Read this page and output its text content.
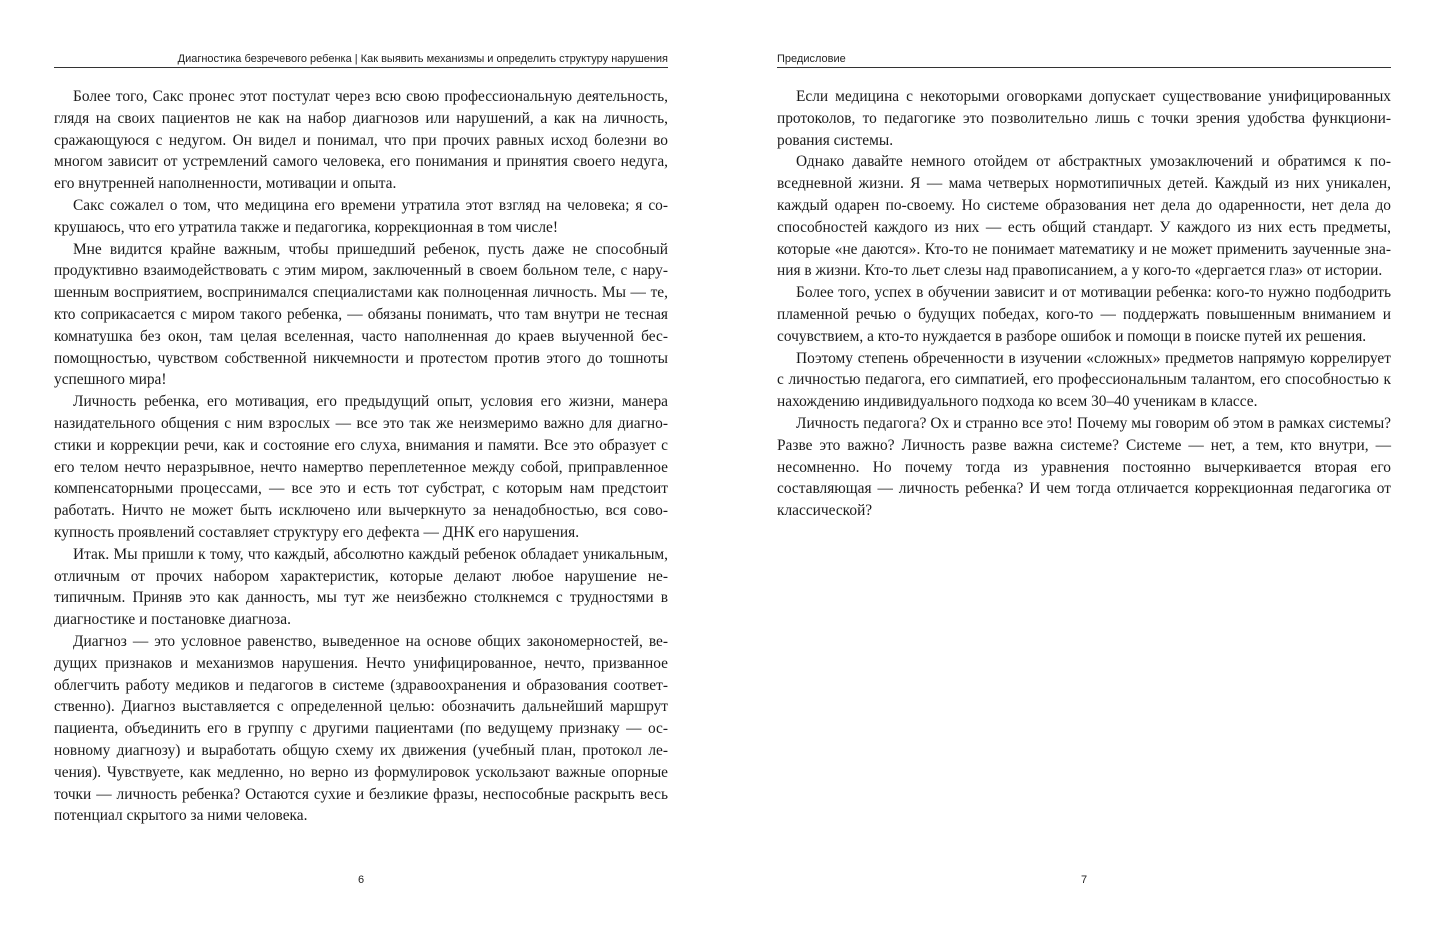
Диагностика безречевого ребенка | Как выявить механизмы и определить структуру нарушения

Более того, Сакс пронес этот постулат через всю свою профессиональную деятельность, глядя на своих пациентов не как на набор диагнозов или нарушений, а как на личность, сражающуюся с недугом. Он видел и понимал, что при прочих равных исход болезни во многом зависит от устремлений самого человека, его понимания и принятия своего недуга, его внутренней наполненности, мотивации и опыта.

Сакс сожалел о том, что медицина его времени утратила этот взгляд на человека; я сокрушаюсь, что его утратила также и педагогика, коррекционная в том числе!

Мне видится крайне важным, чтобы пришедший ребенок, пусть даже не способный продуктивно взаимодействовать с этим миром, заключенный в своем больном теле, с нарушенным восприятием, воспринимался специалистами как полноценная личность. Мы — те, кто соприкасается с миром такого ребенка, — обязаны понимать, что там внутри не тесная комнатушка без окон, там целая вселенная, часто наполненная до краев выученной беспомощностью, чувством собственной никчемности и протестом против этого до тошноты успешного мира!

Личность ребенка, его мотивация, его предыдущий опыт, условия его жизни, манера назидательного общения с ним взрослых — все это так же неизмеримо важно для диагностики и коррекции речи, как и состояние его слуха, внимания и памяти. Все это образует с его телом нечто неразрывное, нечто намертво переплетенное между собой, приправленное компенсаторными процессами, — все это и есть тот субстрат, с которым нам предстоит работать. Ничто не может быть исключено или вычеркнуто за ненадобностью, вся совокупность проявлений составляет структуру его дефекта — ДНК его нарушения.

Итак. Мы пришли к тому, что каждый, абсолютно каждый ребенок обладает уникальным, отличным от прочих набором характеристик, которые делают любое нарушение нетипичным. Приняв это как данность, мы тут же неизбежно столкнемся с трудностями в диагностике и постановке диагноза.

Диагноз — это условное равенство, выведенное на основе общих закономерностей, ведущих признаков и механизмов нарушения. Нечто унифицированное, нечто, призванное облегчить работу медиков и педагогов в системе (здравоохранения и образования соответственно). Диагноз выставляется с определенной целью: обозначить дальнейший маршрут пациента, объединить его в группу с другими пациентами (по ведущему признаку — основному диагнозу) и выработать общую схему их движения (учебный план, протокол лечения). Чувствуете, как медленно, но верно из формулировок ускользают важные опорные точки — личность ребенка? Остаются сухие и безликие фразы, неспособные раскрыть весь потенциал скрытого за ними человека.

6
Предисловие

Если медицина с некоторыми оговорками допускает существование унифицированных протоколов, то педагогике это позволительно лишь с точки зрения удобства функционирования системы.

Однако давайте немного отойдем от абстрактных умозаключений и обратимся к повседневной жизни. Я — мама четверых нормотипичных детей. Каждый из них уникален, каждый одарен по-своему. Но системе образования нет дела до одаренности, нет дела до способностей каждого из них — есть общий стандарт. У каждого из них есть предметы, которые «не даются». Кто-то не понимает математику и не может применить заученные знания в жизни. Кто-то льет слезы над правописанием, а у кого-то «дергается глаз» от истории.

Более того, успех в обучении зависит и от мотивации ребенка: кого-то нужно подбодрить пламенной речью о будущих победах, кого-то — поддержать повышенным вниманием и сочувствием, а кто-то нуждается в разборе ошибок и помощи в поиске путей их решения.

Поэтому степень обреченности в изучении «сложных» предметов напрямую коррелирует с личностью педагога, его симпатией, его профессиональным талантом, его способностью к нахождению индивидуального подхода ко всем 30–40 ученикам в классе.

Личность педагога? Ох и странно все это! Почему мы говорим об этом в рамках системы? Разве это важно? Личность разве важна системе? Системе — нет, а тем, кто внутри, — несомненно. Но почему тогда из уравнения постоянно вычеркивается вторая его составляющая — личность ребенка? И чем тогда отличается коррекционная педагогика от классической?

7
